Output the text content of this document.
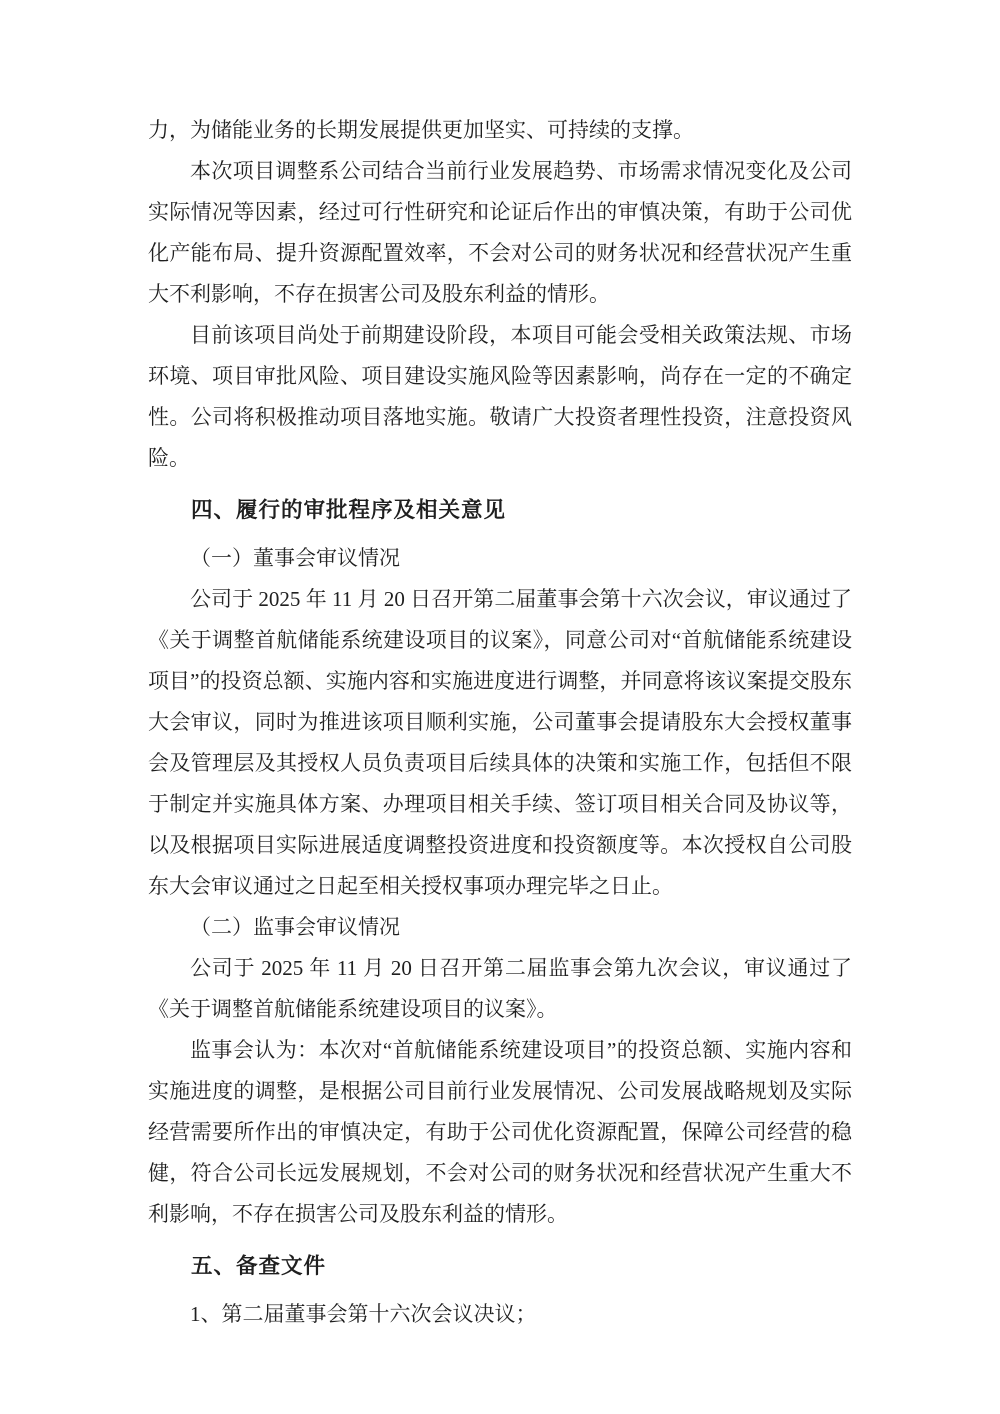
力，为储能业务的长期发展提供更加坚实、可持续的支撑。

本次项目调整系公司结合当前行业发展趋势、市场需求情况变化及公司实际情况等因素，经过可行性研究和论证后作出的审慎决策，有助于公司优化产能布局、提升资源配置效率，不会对公司的财务状况和经营状况产生重大不利影响，不存在损害公司及股东利益的情形。

目前该项目尚处于前期建设阶段，本项目可能会受相关政策法规、市场环境、项目审批风险、项目建设实施风险等因素影响，尚存在一定的不确定性。公司将积极推动项目落地实施。敬请广大投资者理性投资，注意投资风险。

四、履行的审批程序及相关意见
（一）董事会审议情况

公司于 2025 年 11 月 20 日召开第二届董事会第十六次会议，审议通过了《关于调整首航储能系统建设项目的议案》，同意公司对“首航储能系统建设项目”的投资总额、实施内容和实施进度进行调整，并同意将该议案提交股东大会审议，同时为推进该项目顺利实施，公司董事会提请股东大会授权董事会及管理层及其授权人员负责项目后续具体的决策和实施工作，包括但不限于制定并实施具体方案、办理项目相关手续、签订项目相关合同及协议等，以及根据项目实际进展适度调整投资进度和投资额度等。本次授权自公司股东大会审议通过之日起至相关授权事项办理完毕之日止。

（二）监事会审议情况

公司于 2025 年 11 月 20 日召开第二届监事会第九次会议，审议通过了《关于调整首航储能系统建设项目的议案》。

监事会认为：本次对“首航储能系统建设项目”的投资总额、实施内容和实施进度的调整，是根据公司目前行业发展情况、公司发展战略规划及实际经营需要所作出的审慎决定，有助于公司优化资源配置，保障公司经营的稳健，符合公司长远发展规划，不会对公司的财务状况和经营状况产生重大不利影响，不存在损害公司及股东利益的情形。

五、备查文件

1、第二届董事会第十六次会议决议；
